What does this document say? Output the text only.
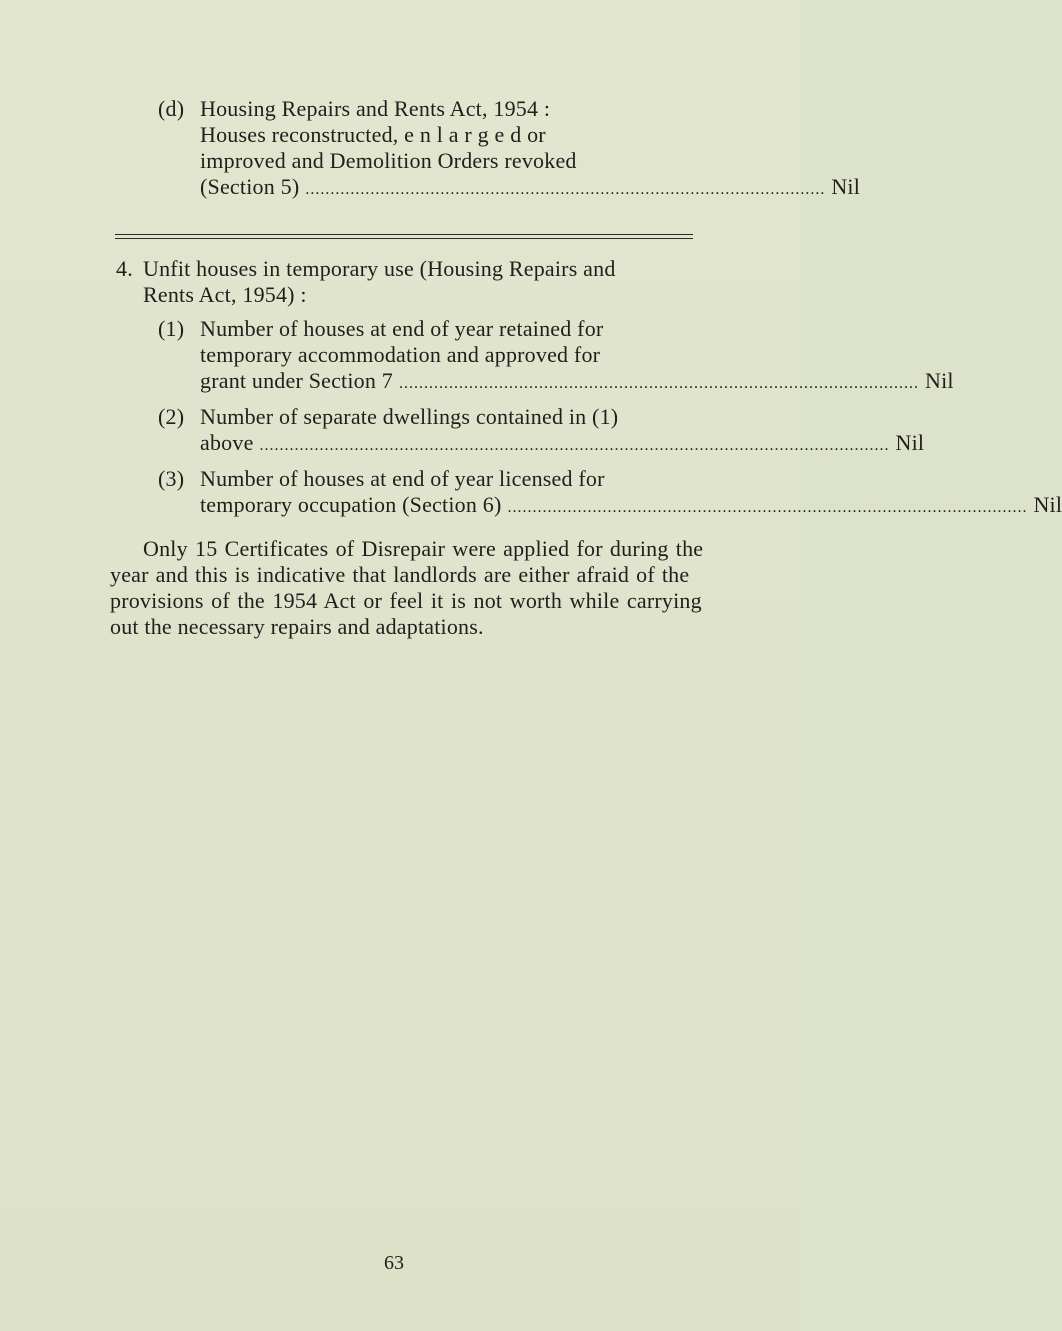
(d) Housing Repairs and Rents Act, 1954 :
Houses reconstructed, e n l a r g e d or
improved and Demolition Orders revoked
(Section 5) ........................................................................................................ Nil
4. Unfit houses in temporary use (Housing Repairs and
Rents Act, 1954) :
(1) Number of houses at end of year retained for
temporary accommodation and approved for
grant under Section 7 ........................................................................................................ Nil
(2) Number of separate dwellings contained in (1)
above .............................................................................................................................. Nil
(3) Number of houses at end of year licensed for
temporary occupation (Section 6) ........................................................................................................ Nil
Only 15 Certificates of Disrepair were applied for during the
year and this is indicative that landlords are either afraid of the
provisions of the 1954 Act or feel it is not worth while carrying
out the necessary repairs and adaptations.
63
